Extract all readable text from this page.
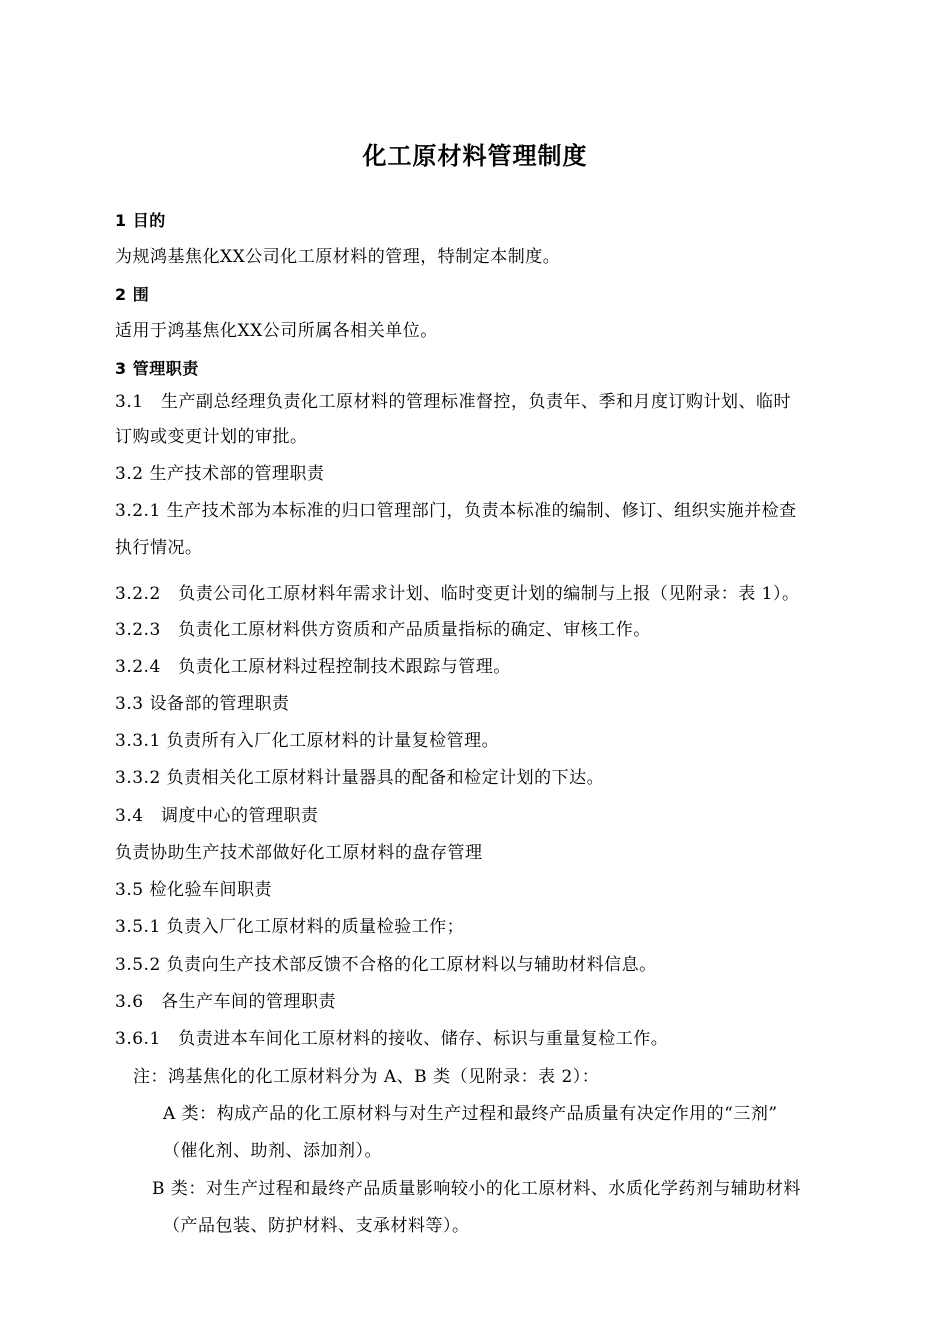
化工原材料管理制度
1 目的
为规鸿基焦化XX公司化工原材料的管理，特制定本制度。
2 围
适用于鸿基焦化XX公司所属各相关单位。
3 管理职责
3.1　生产副总经理负责化工原材料的管理标准督控，负责年、季和月度订购计划、临时
订购或变更计划的审批。
3.2 生产技术部的管理职责
3.2.1 生产技术部为本标准的归口管理部门，负责本标准的编制、修订、组织实施并检查
执行情况。
3.2.2　负责公司化工原材料年需求计划、临时变更计划的编制与上报（见附录：表 1）。
3.2.3　负责化工原材料供方资质和产品质量指标的确定、审核工作。
3.2.4　负责化工原材料过程控制技术跟踪与管理。
3.3 设备部的管理职责
3.3.1 负责所有入厂化工原材料的计量复检管理。
3.3.2 负责相关化工原材料计量器具的配备和检定计划的下达。
3.4　调度中心的管理职责
负责协助生产技术部做好化工原材料的盘存管理
3.5 检化验车间职责
3.5.1 负责入厂化工原材料的质量检验工作；
3.5.2 负责向生产技术部反馈不合格的化工原材料以与辅助材料信息。
3.6　各生产车间的管理职责
3.6.1　负责进本车间化工原材料的接收、储存、标识与重量复检工作。
注：鸿基焦化的化工原材料分为 A、B 类（见附录：表 2）：
A 类：构成产品的化工原材料与对生产过程和最终产品质量有决定作用的“三剂”
（催化剂、助剂、添加剂）。
B 类：对生产过程和最终产品质量影响较小的化工原材料、水质化学药剂与辅助材料
（产品包装、防护材料、支承材料等）。
